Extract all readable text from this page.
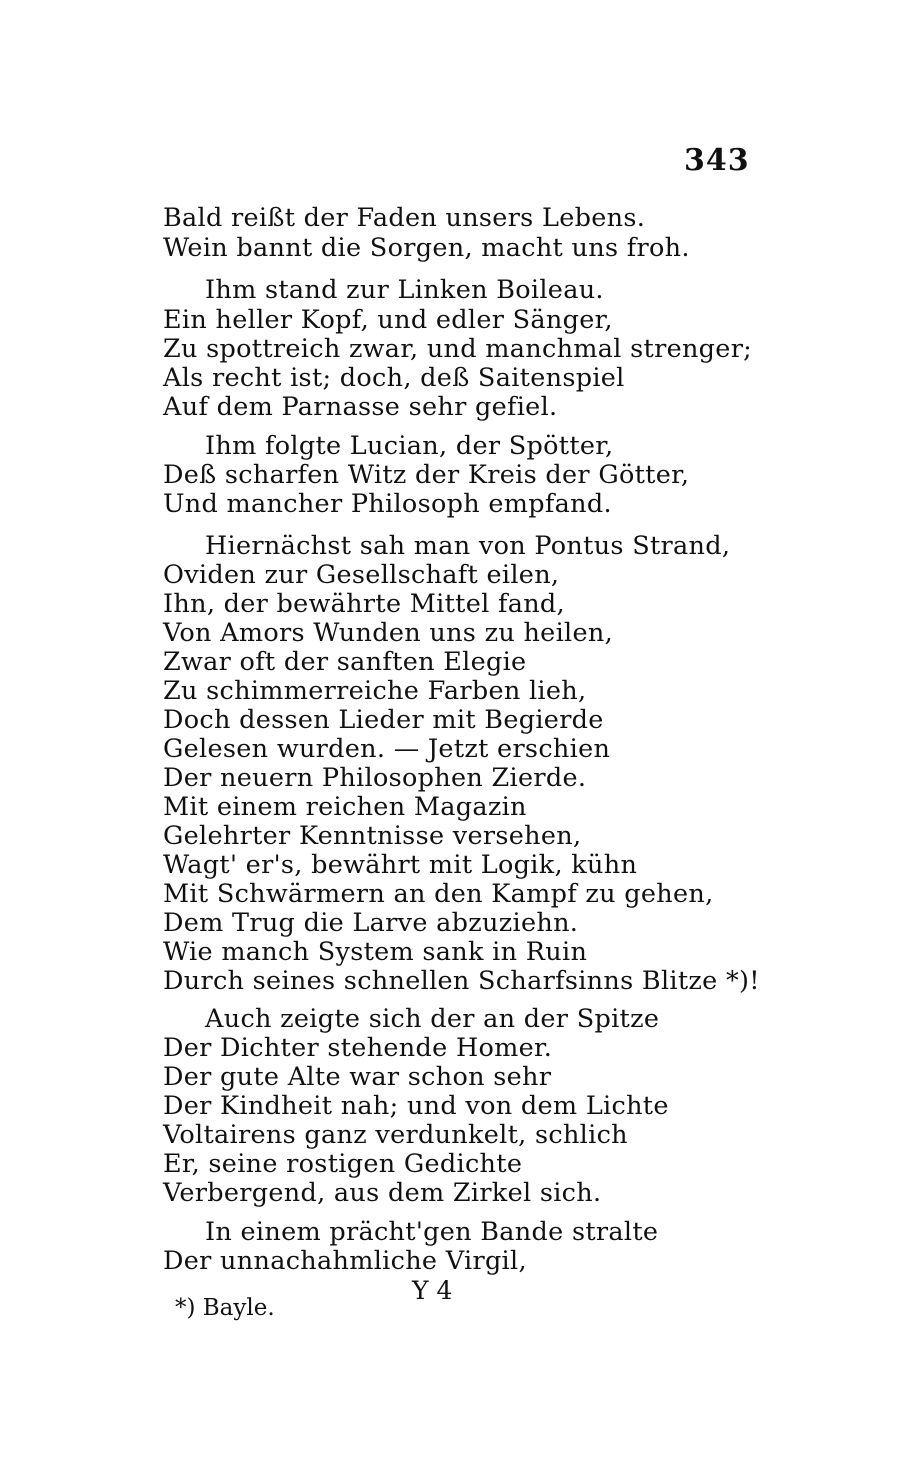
343
Bald reißt der Faden unsers Lebens.
Wein bannt die Sorgen, macht uns froh.
Ihm stand zur Linken Boileau.
Ein heller Kopf, und edler Sänger,
Zu spottreich zwar, und manchmal strenger;
Als recht ist; doch, deß Saitenspiel
Auf dem Parnasse sehr gefiel.
Ihm folgte Lucian, der Spötter,
Deß scharfen Witz der Kreis der Götter,
Und mancher Philosoph empfand.
Hiernächst sah man von Pontus Strand,
Oviden zur Gesellschaft eilen,
Ihn, der bewährte Mittel fand,
Von Amors Wunden uns zu heilen,
Zwar oft der sanften Elegie
Zu schimmerreiche Farben lieh,
Doch dessen Lieder mit Begierde
Gelesen wurden. — Jetzt erschien
Der neuern Philosophen Zierde.
Mit einem reichen Magazin
Gelehrter Kenntnisse versehen,
Wagt' er's, bewährt mit Logik, kühn
Mit Schwärmern an den Kampf zu gehen,
Dem Trug die Larve abzuziehn.
Wie manch System sank in Ruin
Durch seines schnellen Scharfsinns Blitze *)!
Auch zeigte sich der an der Spitze
Der Dichter stehende Homer.
Der gute Alte war schon sehr
Der Kindheit nah; und von dem Lichte
Voltairens ganz verdunkelt, schlich
Er, seine rostigen Gedichte
Verbergend, aus dem Zirkel sich.
In einem prächt'gen Bande stralte
Der unnachahmliche Virgil,
Y 4
*) Bayle.
